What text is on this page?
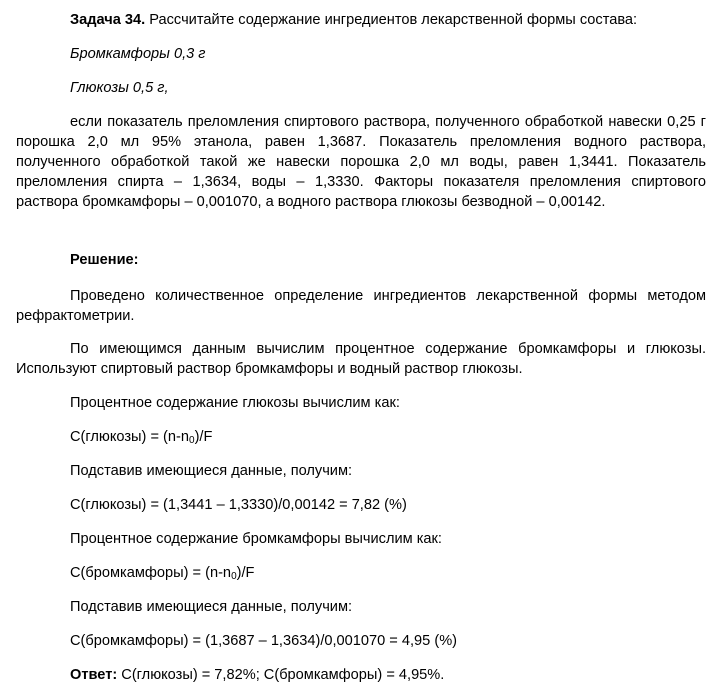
Задача 34. Рассчитайте содержание ингредиентов лекарственной формы состава:

Бромкамфоры 0,3 г

Глюкозы 0,5 г,

если показатель преломления спиртового раствора, полученного обработкой навески 0,25 г порошка 2,0 мл 95% этанола, равен 1,3687. Показатель преломления водного раствора, полученного обработкой такой же навески порошка 2,0 мл воды, равен 1,3441. Показатель преломления спирта – 1,3634, воды – 1,3330. Факторы показателя преломления спиртового раствора бромкамфоры – 0,001070, а водного раствора глюкозы безводной – 0,00142.

Решение:

Проведено количественное определение ингредиентов лекарственной формы методом рефрактометрии.

По имеющимся данным вычислим процентное содержание бромкамфоры и глюкозы. Используют спиртовый раствор бромкамфоры и водный раствор глюкозы.

Процентное содержание глюкозы вычислим как:

С(глюкозы) = $(n-n_0)/F$

Подставив имеющиеся данные, получим:

С(глюкозы) = (1,3441 – 1,3330)/0,00142 = 7,82 (%)

Процентное содержание бромкамфоры вычислим как:

С(бромкамфоры) = $(n-n_0)/F$

Подставив имеющиеся данные, получим:

С(бромкамфоры) = (1,3687 – 1,3634)/0,001070 = 4,95 (%)

Ответ: С(глюкозы) = 7,82%; С(бромкамфоры) = 4,95%.
